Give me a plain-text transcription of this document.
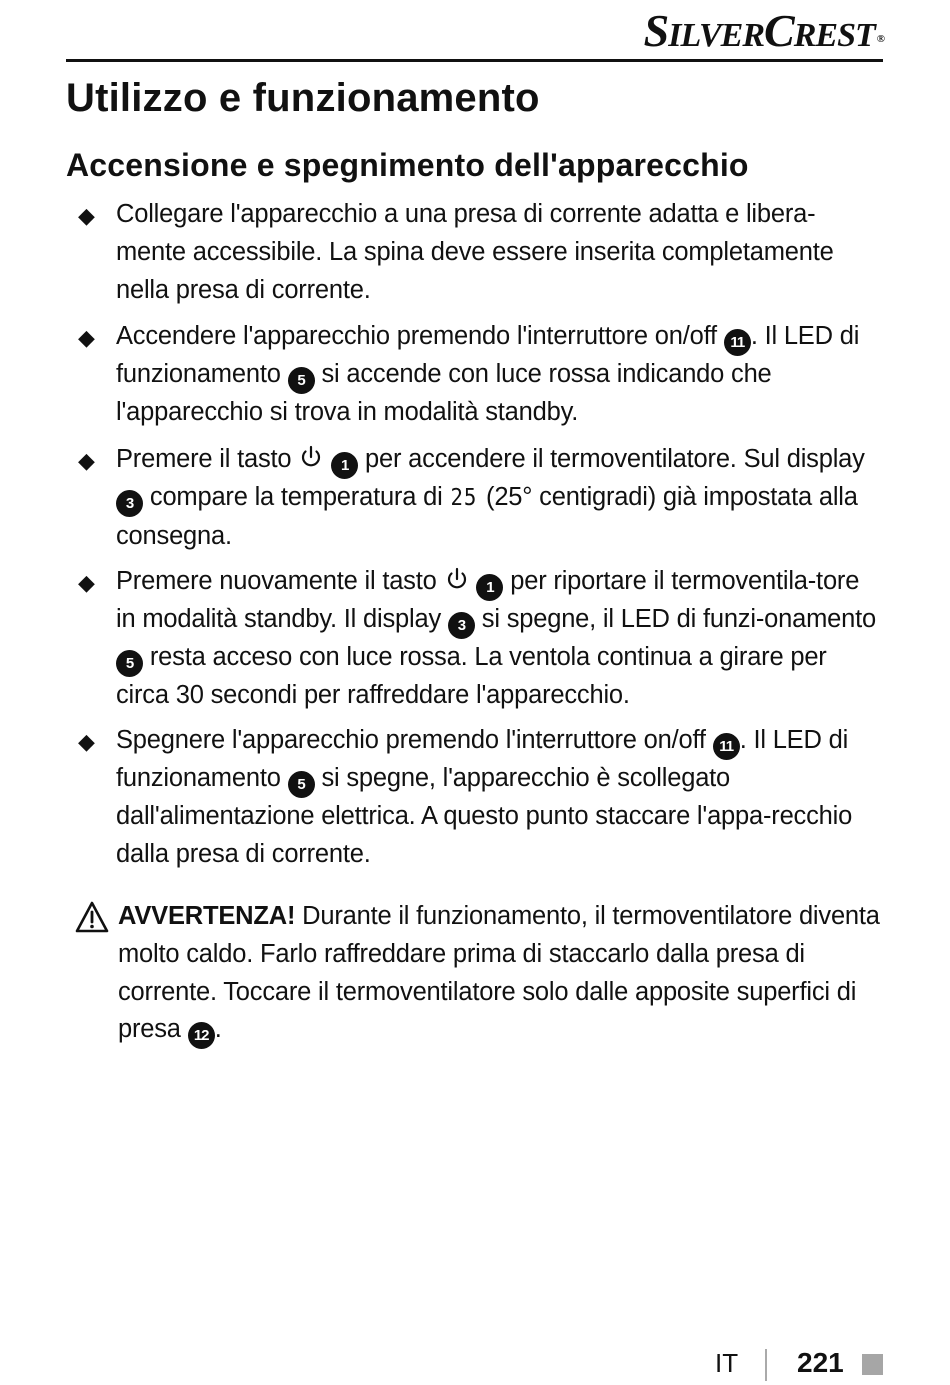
SILVERCREST ®
Utilizzo e funzionamento
Accensione e spegnimento dell'apparecchio
◆ Collegare l'apparecchio a una presa di corrente adatta e libera-mente accessibile. La spina deve essere inserita completamente nella presa di corrente.
◆ Accendere l'apparecchio premendo l'interruttore on/off 11 . Il LED di funzionamento 5 si accende con luce rossa indicando che l'apparecchio si trova in modalità standby.
◆ Premere il tasto	1 per accendere il termoventilatore. Sul display 3 compare la temperatura di 25 (25° centigradi) già impostata alla consegna.
◆ Premere nuovamente il tasto	1 per riportare il termoventila-tore in modalità standby. Il display 3 si spegne, il LED di funzi-onamento 5 resta acceso con luce rossa. La ventola continua a girare per circa 30 secondi per raffreddare l'apparecchio.
◆ Spegnere l'apparecchio premendo l'interruttore on/off 11 . Il LED di funzionamento 5 si spegne, l'apparecchio è scollegato dall'alimentazione elettrica. A questo punto staccare l'appa-recchio dalla presa di corrente.
AVVERTENZA! Durante il funzionamento, il termoventilatore diventa molto caldo. Farlo raffreddare prima di staccarlo dalla presa di corrente. Toccare il termoventilatore solo dalle apposite superfici di presa 12 .
IT 221
